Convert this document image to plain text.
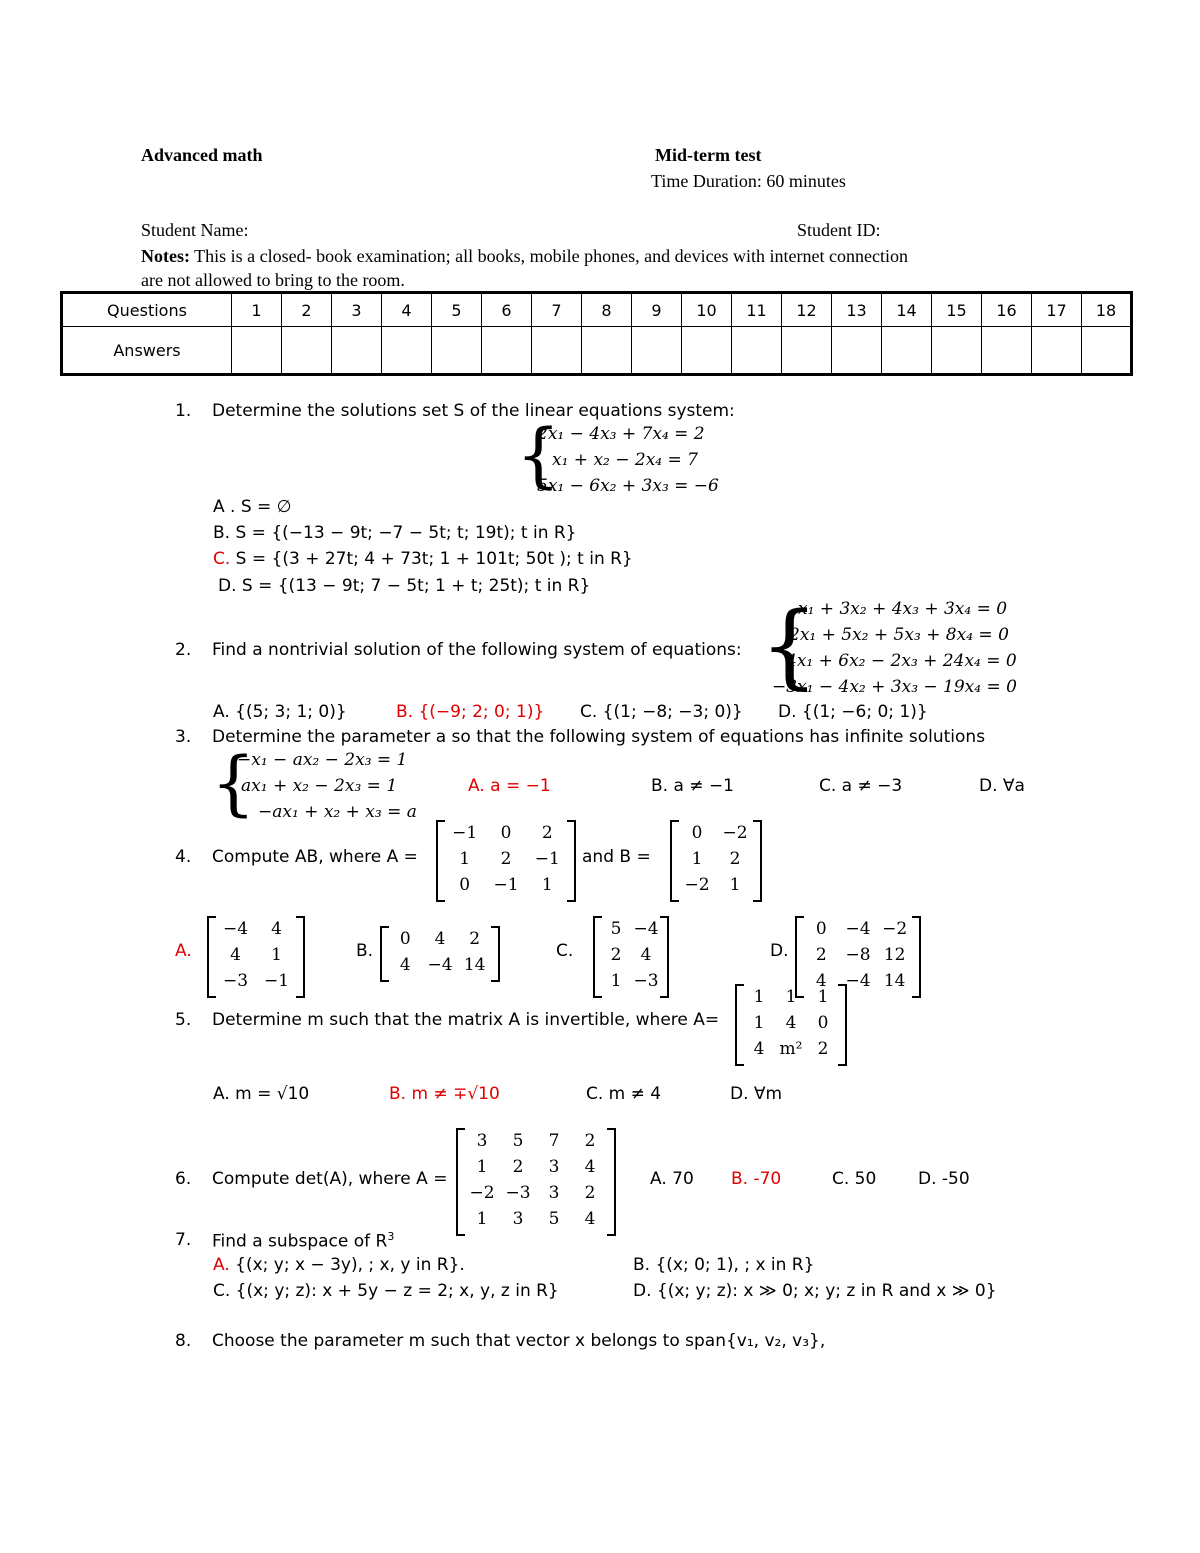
Advanced math	Mid-term test
Time Duration: 60 minutes
Student Name:	Student ID:
Notes: This is a closed- book examination; all books, mobile phones, and devices with internet connection
are not allowed to bring to the room.
Questions	1	2	3	4	5	6	7	8	9	10	11	12	13	14	15	16	17	18
Answers																		
1. Determine the solutions set S of the linear equations system:
{
2x₁ − 4x₃ + 7x₄ = 2
x₁ + x₂ − 2x₄ = 7
5x₁ − 6x₂ + 3x₃ = −6
A . S = ∅
B. S = {(−13 − 9t; −7 − 5t; t; 19t); t in R}
C. S = {(3 + 27t; 4 + 73t; 1 + 101t; 50t ); t in R}
D. S = {(13 − 9t; 7 − 5t; 1 + t; 25t); t in R}
{
x₁ + 3x₂ + 4x₃ + 3x₄ = 0
2x₁ + 5x₂ + 5x₃ + 8x₄ = 0
2. Find a nontrivial solution of the following system of equations:
4x₁ + 6x₂ − 2x₃ + 24x₄ = 0
−3x₁ − 4x₂ + 3x₃ − 19x₄ = 0
A. {(5; 3; 1; 0)}	B. {(−9; 2; 0; 1)} C. {(1; −8; −3; 0)} D. {(1; −6; 0; 1)}
3. Determine the parameter a so that the following system of equations has infinite solutions
{
−x₁ − ax₂ − 2x₃ = 1
ax₁ + x₂ − 2x₃ = 1
−ax₁ + x₂ + x₃ = a
A. a = −1	B. a ≠ −1	C. a ≠ −3	D. ∀a
4. Compute AB, where A =
−1	0	2
1	2	−1
0	−1	1
and B =
0	−2
1	2
−2	1
A.
−4	4
4	1
−3 −1
B.
0	4	2
4 −4 14
C.
5 −4
2	4
1 −3
D.
0	−4 −2
2	−8 12
4	−4 14
5. Determine m such that the matrix A is invertible, where A=
1	1	1
1	4	0
4 m² 2
A. m = √10	B. m ≠ ∓√10	C. m ≠ 4	D. ∀m
3	5	7	2
1	2	3	4
−2 −3	3	2
1	3	5	4
6. Compute det(A), where A =	A. 70 B. -70	C. 50 D. -50
7. Find a subspace of $R^3$
A. {(x; y; x − 3y), ; x, y in R}.	B. {(x; 0; 1), ; x in R}
C. {(x; y; z): x + 5y − z = 2; x, y, z in R}	D. {(x; y; z): x ≫ 0; x; y; z in R and x ≫ 0}
8. Choose the parameter m such that vector x belongs to span{v₁, v₂, v₃},
